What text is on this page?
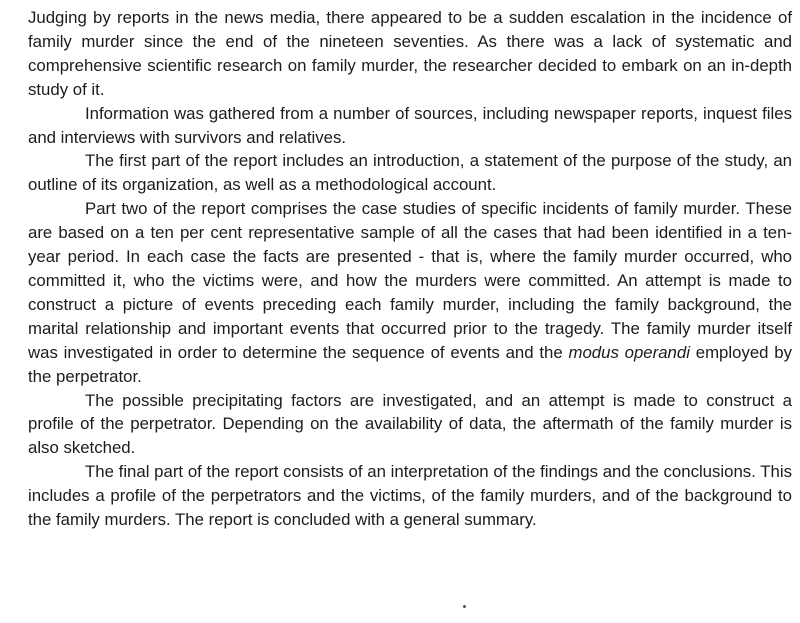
Judging by reports in the news media, there appeared to be a sudden escalation in the incidence of family murder since the end of the nineteen seventies. As there was a lack of systematic and comprehensive scientific research on family murder, the researcher decided to embark on an in-depth study of it.

Information was gathered from a number of sources, including newspaper reports, inquest files and interviews with survivors and relatives.

The first part of the report includes an introduction, a statement of the purpose of the study, an outline of its organization, as well as a methodological account.

Part two of the report comprises the case studies of specific incidents of family murder. These are based on a ten per cent representative sample of all the cases that had been identified in a ten-year period. In each case the facts are presented - that is, where the family murder occurred, who committed it, who the victims were, and how the murders were committed. An attempt is made to construct a picture of events preceding each family murder, including the family background, the marital relationship and important events that occurred prior to the tragedy. The family murder itself was investigated in order to determine the sequence of events and the modus operandi employed by the perpetrator.

The possible precipitating factors are investigated, and an attempt is made to construct a profile of the perpetrator. Depending on the availability of data, the aftermath of the family murder is also sketched.

The final part of the report consists of an interpretation of the findings and the conclusions. This includes a profile of the perpetrators and the victims, of the family murders, and of the background to the family murders. The report is concluded with a general summary.
